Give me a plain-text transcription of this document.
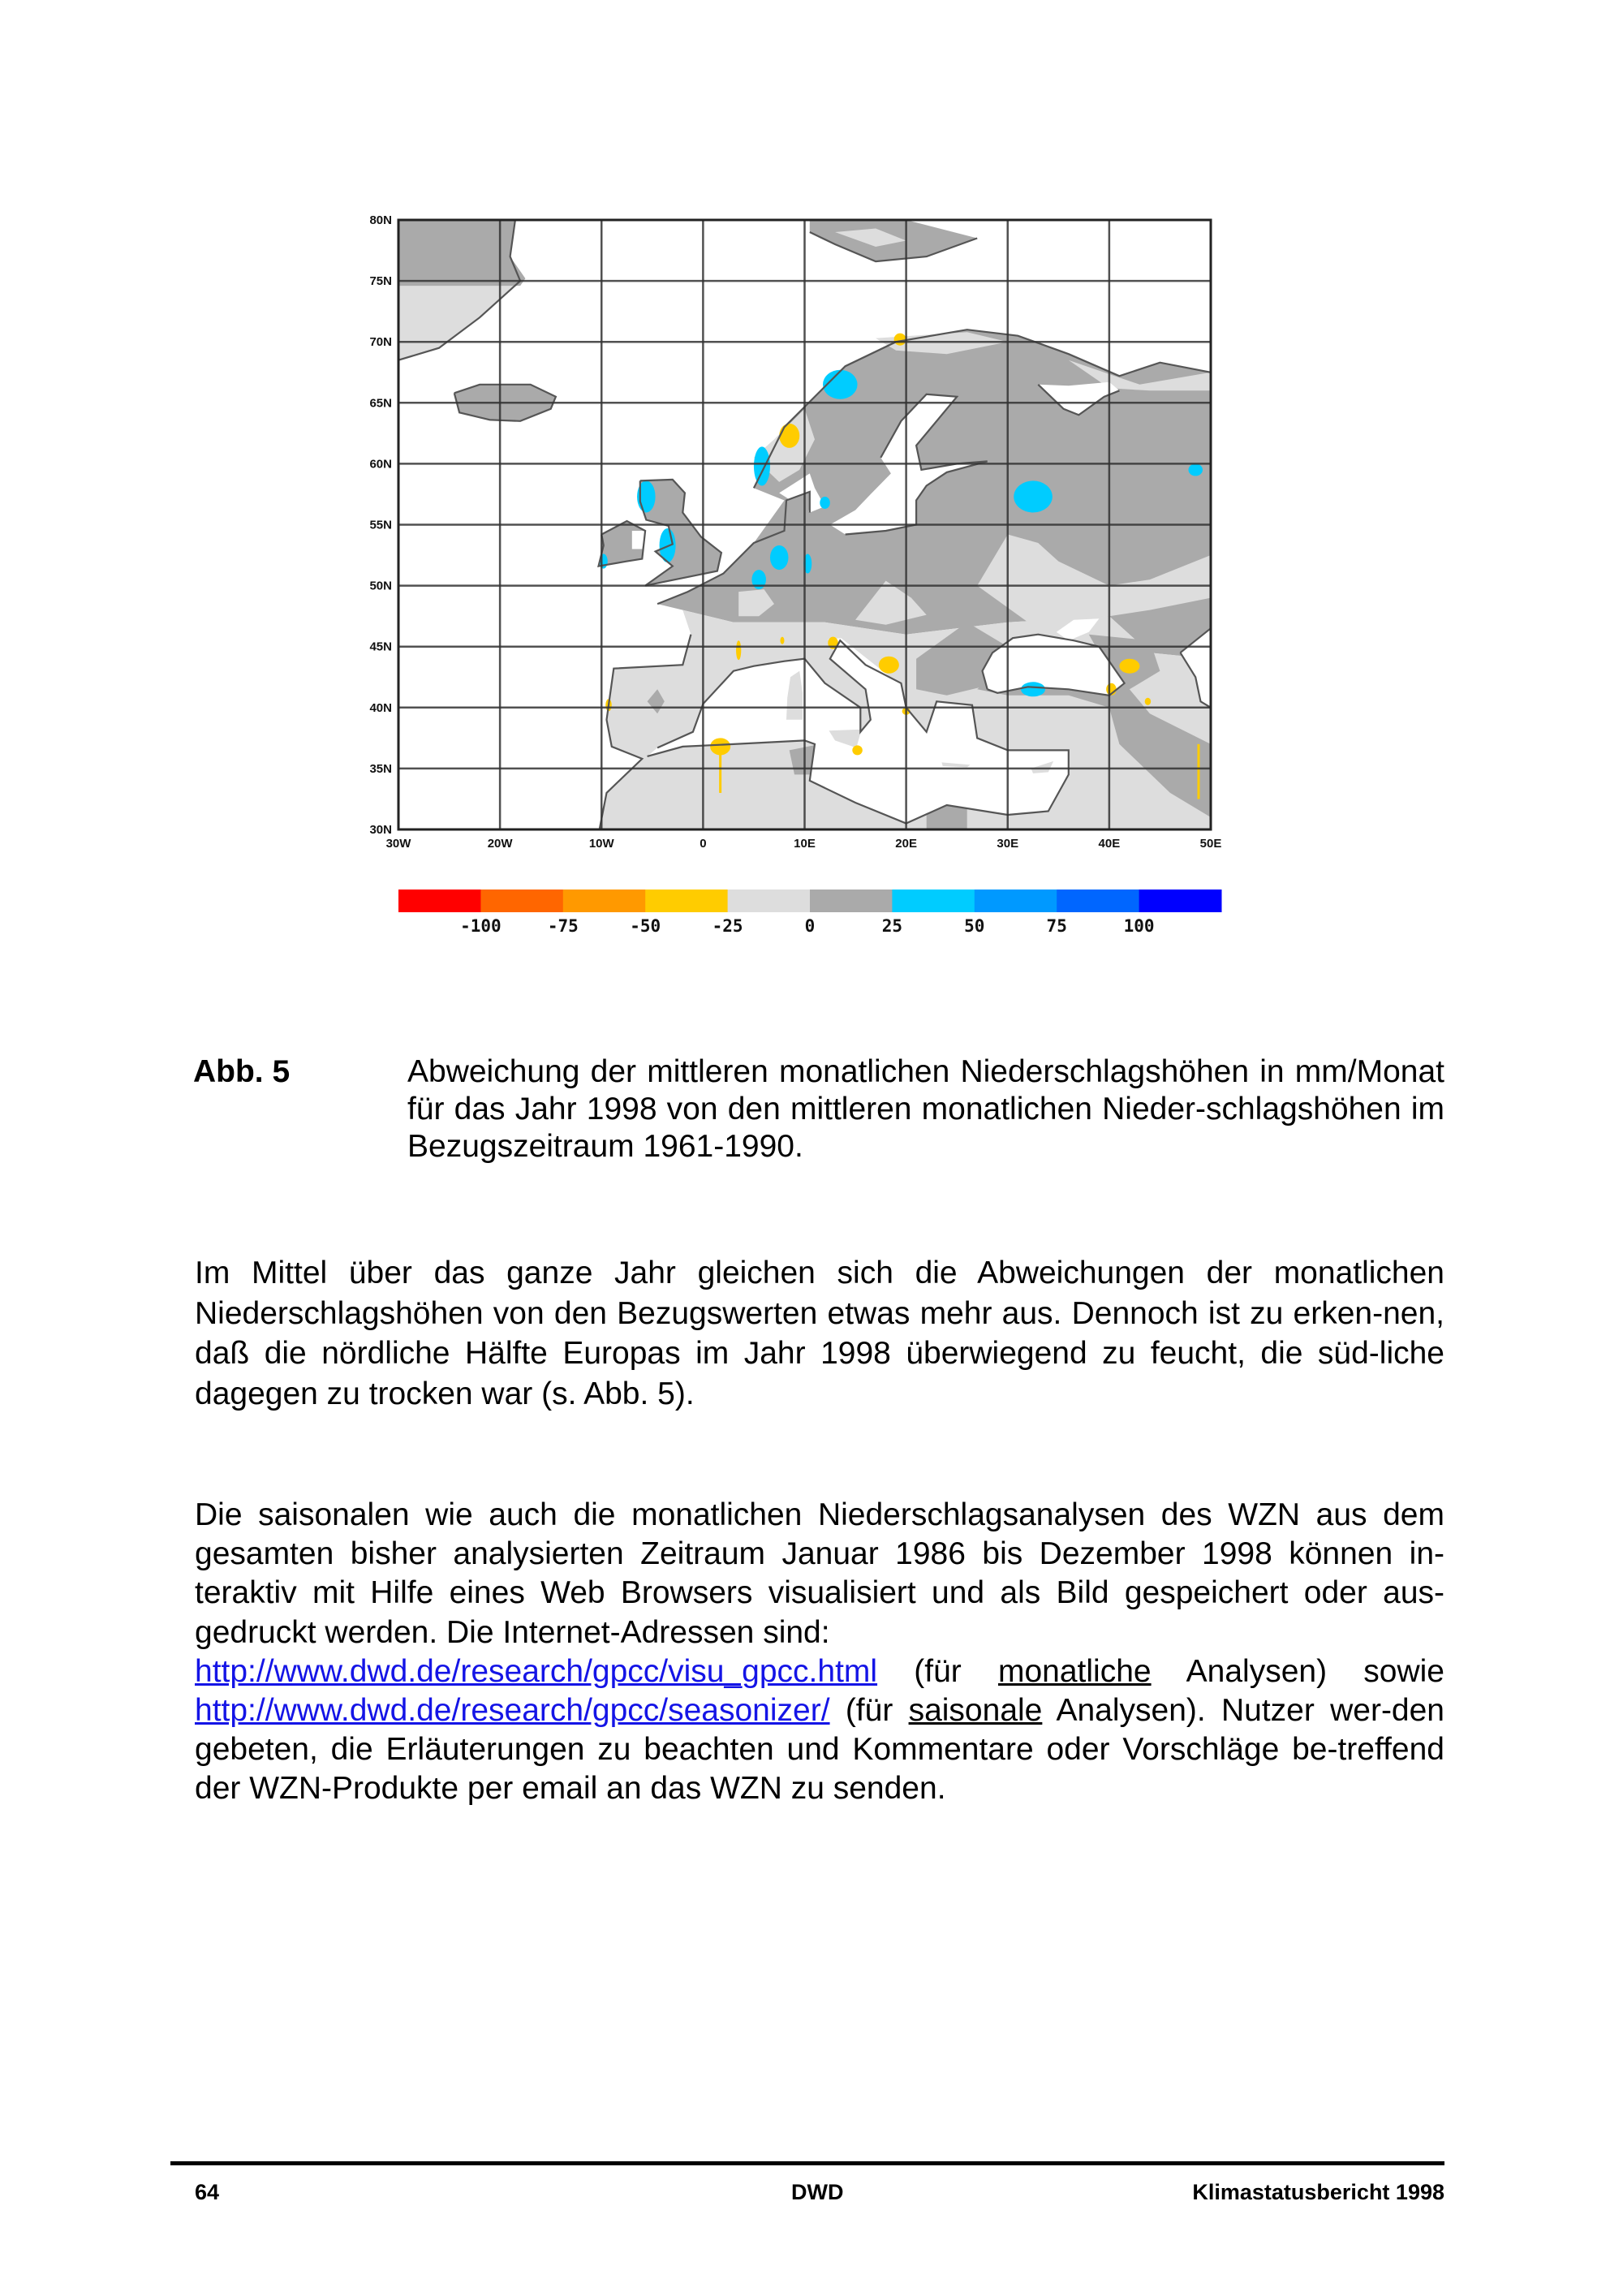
80N
75N
70N
65N
60N
55N
50N
45N
40N
35N
30N
30W	20W	10W	0	10E	20E	30E	40E	50E
-100	-75	-50	-25	0	25	50	75	100
Abb. 5	Abweichung der mittleren monatlichen Niederschlagshöhen in mm/Monat für das Jahr 1998 von den mittleren monatlichen Nieder-schlagshöhen im Bezugszeitraum 1961-1990.
Im Mittel über das ganze Jahr gleichen sich die Abweichungen der monatlichen Niederschlagshöhen von den Bezugswerten etwas mehr aus. Dennoch ist zu erken-nen, daß die nördliche Hälfte Europas im Jahr 1998 überwiegend zu feucht, die süd-liche dagegen zu trocken war (s. Abb. 5).
Die saisonalen wie auch die monatlichen Niederschlagsanalysen des WZN aus dem gesamten bisher analysierten Zeitraum Januar 1986 bis Dezember 1998 können in-teraktiv mit Hilfe eines Web Browsers visualisiert und als Bild gespeichert oder aus-gedruckt werden. Die Internet-Adressen sind:
http://www.dwd.de/research/gpcc/visu_gpcc.html (für monatliche Analysen) sowie http://www.dwd.de/research/gpcc/seasonizer/ (für saisonale Analysen). Nutzer wer-den gebeten, die Erläuterungen zu beachten und Kommentare oder Vorschläge be-treffend der WZN-Produkte per email an das WZN zu senden.
64	DWD	Klimastatusbericht 1998
